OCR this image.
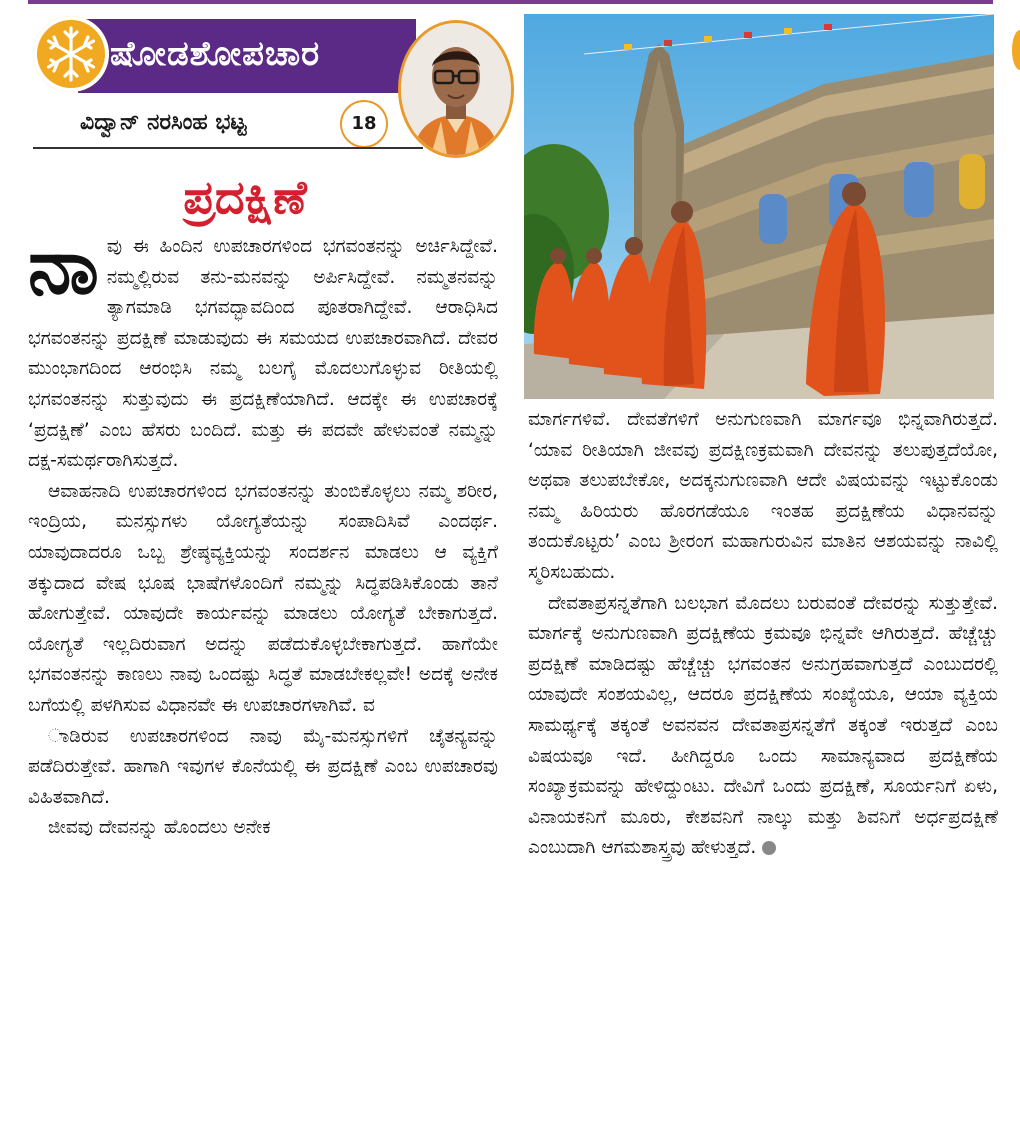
ಷೋಡಶೋಪಚಾರ
ವಿದ್ವಾನ್ ನರಸಿಂಹ ಭಟ್ಟ	18
ಪ್ರದಕ್ಷಿಣೆ

ನಾವು ಈ ಹಿಂದಿನ ಉಪಚಾರಗಳಿಂದ ಭಗವಂತನನ್ನು ಅರ್ಚಿಸಿದ್ದೇವೆ. ನಮ್ಮಲ್ಲಿರುವ ತನು-ಮನವನ್ನು ಅರ್ಪಿಸಿದ್ದೇವೆ. ನಮ್ಮತನವನ್ನು ತ್ಯಾಗಮಾಡಿ ಭಗವದ್ಭಾವದಿಂದ ಪೂತರಾಗಿದ್ದೇವೆ. ಆರಾಧಿಸಿದ ಭಗವಂತನನ್ನು ಪ್ರದಕ್ಷಿಣೆ ಮಾಡುವುದು ಈ ಸಮಯದ ಉಪಚಾರವಾಗಿದೆ. ದೇವರ ಮುಂಭಾಗದಿಂದ ಆರಂಭಿಸಿ ನಮ್ಮ ಬಲಗೈ ಮೊದಲುಗೊಳ್ಳುವ ರೀತಿಯಲ್ಲಿ ಭಗವಂತನನ್ನು ಸುತ್ತುವುದು ಈ ಪ್ರದಕ್ಷಿಣೆಯಾಗಿದೆ. ಆದಕ್ಕೇ ಈ ಉಪಚಾರಕ್ಕೆ ‘ಪ್ರದಕ್ಷಿಣೆ’ ಎಂಬ ಹೆಸರು ಬಂದಿದೆ. ಮತ್ತು ಈ ಪದವೇ ಹೇಳುವಂತೆ ನಮ್ಮನ್ನು ದಕ್ಷ-ಸಮರ್ಥರಾಗಿಸುತ್ತದೆ.

ಆವಾಹನಾದಿ ಉಪಚಾರಗಳಿಂದ ಭಗವಂತನನ್ನು ತುಂಬಿಕೊಳ್ಳಲು ನಮ್ಮ ಶರೀರ, ಇಂದ್ರಿಯ, ಮನಸ್ಸುಗಳು ಯೋಗ್ಯತೆಯನ್ನು ಸಂಪಾದಿಸಿವೆ ಎಂದರ್ಥ. ಯಾವುದಾದರೂ ಒಬ್ಬ ಶ್ರೇಷ್ಠವ್ಯಕ್ತಿಯನ್ನು ಸಂದರ್ಶನ ಮಾಡಲು ಆ ವ್ಯಕ್ತಿಗೆ ತಕ್ಕುದಾದ ವೇಷ ಭೂಷ ಭಾಷೆಗಳೊಂದಿಗೆ ನಮ್ಮನ್ನು ಸಿದ್ಧಪಡಿಸಿಕೊಂಡು ತಾನೆ ಹೋಗುತ್ತೇವೆ. ಯಾವುದೇ ಕಾರ್ಯವನ್ನು ಮಾಡಲು ಯೋಗ್ಯತೆ ಬೇಕಾಗುತ್ತದೆ. ಯೋಗ್ಯತೆ ಇಲ್ಲದಿರುವಾಗ ಅದನ್ನು ಪಡೆದುಕೊಳ್ಳಬೇಕಾಗುತ್ತದೆ. ಹಾಗೆಯೇ ಭಗವಂತನನ್ನು ಕಾಣಲು ನಾವು ಒಂದಷ್ಟು ಸಿದ್ಧತೆ ಮಾಡಬೇಕಲ್ಲವೇ! ಅದಕ್ಕೆ ಅನೇಕ ಬಗೆಯಲ್ಲಿ ಪಳಗಿಸುವ ವಿಧಾನವೇ ಈ ಉಪಚಾರಗಳಾಗಿವೆ. ವ

ಾಡಿರುವ ಉಪಚಾರಗಳಿಂದ ನಾವು ಮೈ-ಮನಸ್ಸುಗಳಿಗೆ ಚೈತನ್ಯವನ್ನು ಪಡೆದಿರುತ್ತೇವೆ. ಹಾಗಾಗಿ ಇವುಗಳ ಕೊನೆಯಲ್ಲಿ ಈ ಪ್ರದಕ್ಷಿಣೆ ಎಂಬ ಉಪಚಾರವು ವಿಹಿತವಾಗಿದೆ.

ಜೀವವು ದೇವನನ್ನು ಹೊಂದಲು ಅನೇಕ

ಮಾರ್ಗಗಳಿವೆ. ದೇವತೆಗಳಿಗೆ ಅನುಗುಣವಾಗಿ ಮಾರ್ಗವೂ ಭಿನ್ನವಾಗಿರುತ್ತದೆ. ‘ಯಾವ ರೀತಿಯಾಗಿ ಜೀವವು ಪ್ರದಕ್ಷಿಣಕ್ರಮವಾಗಿ ದೇವನನ್ನು ತಲುಪುತ್ತದೆಯೋ, ಅಥವಾ ತಲುಪಬೇಕೋ, ಅದಕ್ಕನುಗುಣವಾಗಿ ಆದೇ ವಿಷಯವನ್ನು ಇಟ್ಟುಕೊಂಡು ನಮ್ಮ ಹಿರಿಯರು ಹೊರಗಡೆಯೂ ಇಂತಹ ಪ್ರದಕ್ಷಿಣೆಯ ವಿಧಾನವನ್ನು ತಂದುಕೊಟ್ಟರು’ ಎಂಬ ಶ್ರೀರಂಗ ಮಹಾಗುರುವಿನ ಮಾತಿನ ಆಶಯವನ್ನು ನಾವಿಲ್ಲಿ ಸ್ಮರಿಸಬಹುದು.

ದೇವತಾಪ್ರಸನ್ನತೆಗಾಗಿ ಬಲಭಾಗ ಮೊದಲು ಬರುವಂತೆ ದೇವರನ್ನು ಸುತ್ತುತ್ತೇವೆ. ಮಾರ್ಗಕ್ಕೆ ಅನುಗುಣವಾಗಿ ಪ್ರದಕ್ಷಿಣೆಯ ಕ್ರಮವೂ ಭಿನ್ನವೇ ಆಗಿರುತ್ತದೆ. ಹೆಚ್ಚೆಚ್ಚು ಪ್ರದಕ್ಷಿಣೆ ಮಾಡಿದಷ್ಟು ಹೆಚ್ಚೆಚ್ಚು ಭಗವಂತನ ಅನುಗ್ರಹವಾಗುತ್ತದೆ ಎಂಬುದರಲ್ಲಿ ಯಾವುದೇ ಸಂಶಯವಿಲ್ಲ, ಆದರೂ ಪ್ರದಕ್ಷಿಣೆಯ ಸಂಖ್ಯೆಯೂ, ಆಯಾ ವ್ಯಕ್ತಿಯ ಸಾಮರ್ಥ್ಯಕ್ಕೆ ತಕ್ಕಂತೆ ಅವನವನ ದೇವತಾಪ್ರಸನ್ನತೆಗೆ ತಕ್ಕಂತೆ ಇರುತ್ತದೆ ಎಂಬ ವಿಷಯವೂ ಇದೆ. ಹೀಗಿದ್ದರೂ ಒಂದು ಸಾಮಾನ್ಯವಾದ ಪ್ರದಕ್ಷಿಣೆಯ ಸಂಖ್ಯಾಕ್ರಮವನ್ನು ಹೇಳಿದ್ದುಂಟು. ದೇವಿಗೆ ಒಂದು ಪ್ರದಕ್ಷಿಣೆ, ಸೂರ್ಯನಿಗೆ ಏಳು, ವಿನಾಯಕನಿಗೆ ಮೂರು, ಕೇಶವನಿಗೆ ನಾಲ್ಕು ಮತ್ತು ಶಿವನಿಗೆ ಅರ್ಧಪ್ರದಕ್ಷಿಣೆ ಎಂಬುದಾಗಿ ಆಗಮಶಾಸ್ತ್ರವು ಹೇಳುತ್ತದೆ.
